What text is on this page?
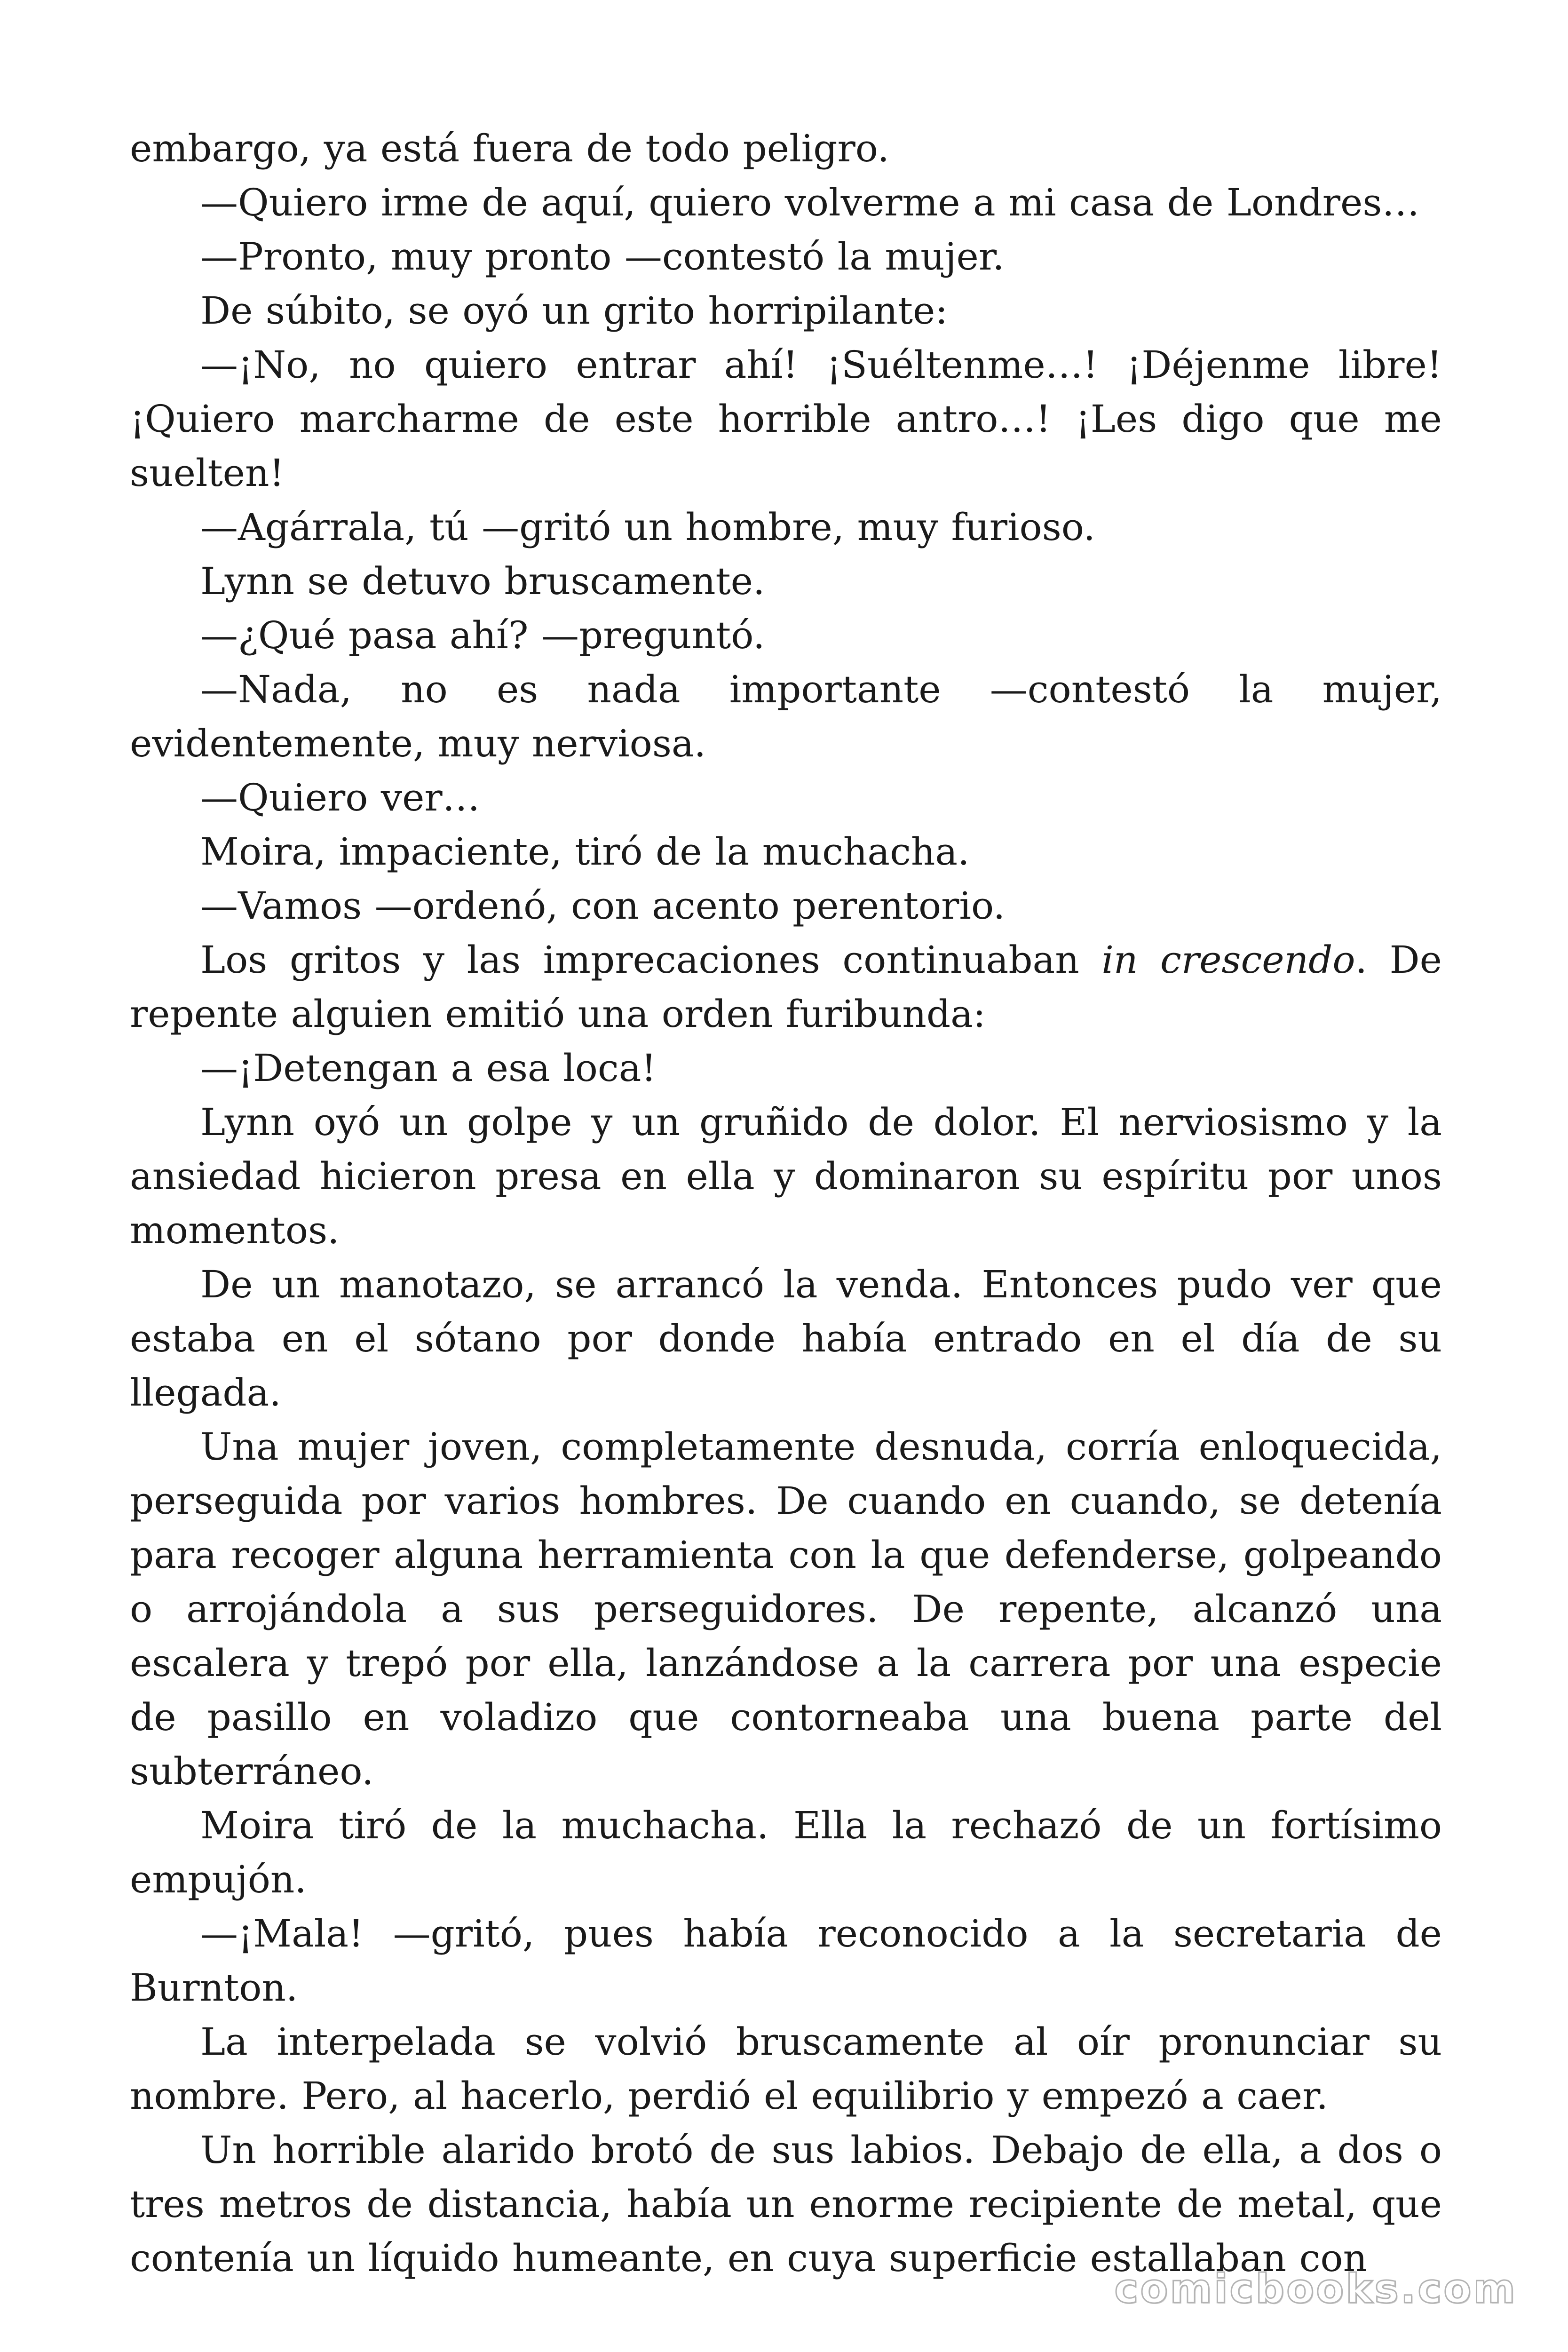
embargo, ya está fuera de todo peligro.

—Quiero irme de aquí, quiero volverme a mi casa de Londres…

—Pronto, muy pronto —contestó la mujer.

De súbito, se oyó un grito horripilante:

—¡No, no quiero entrar ahí! ¡Suéltenme…! ¡Déjenme libre! ¡Quiero marcharme de este horrible antro…! ¡Les digo que me suelten!

—Agárrala, tú —gritó un hombre, muy furioso.

Lynn se detuvo bruscamente.

—¿Qué pasa ahí? —preguntó.

—Nada, no es nada importante —contestó la mujer, evidentemente, muy nerviosa.

—Quiero ver…

Moira, impaciente, tiró de la muchacha.

—Vamos —ordenó, con acento perentorio.

Los gritos y las imprecaciones continuaban in crescendo. De repente alguien emitió una orden furibunda:

—¡Detengan a esa loca!

Lynn oyó un golpe y un gruñido de dolor. El nerviosismo y la ansiedad hicieron presa en ella y dominaron su espíritu por unos momentos.

De un manotazo, se arrancó la venda. Entonces pudo ver que estaba en el sótano por donde había entrado en el día de su llegada.

Una mujer joven, completamente desnuda, corría enloquecida, perseguida por varios hombres. De cuando en cuando, se detenía para recoger alguna herramienta con la que defenderse, golpeando o arrojándola a sus perseguidores. De repente, alcanzó una escalera y trepó por ella, lanzándose a la carrera por una especie de pasillo en voladizo que contorneaba una buena parte del subterráneo.

Moira tiró de la muchacha. Ella la rechazó de un fortísimo empujón.

—¡Mala! —gritó, pues había reconocido a la secretaria de Burnton.

La interpelada se volvió bruscamente al oír pronunciar su nombre. Pero, al hacerlo, perdió el equilibrio y empezó a caer.

Un horrible alarido brotó de sus labios. Debajo de ella, a dos o tres metros de distancia, había un enorme recipiente de metal, que contenía un líquido humeante, en cuya superficie estallaban con

comicbooks.com
